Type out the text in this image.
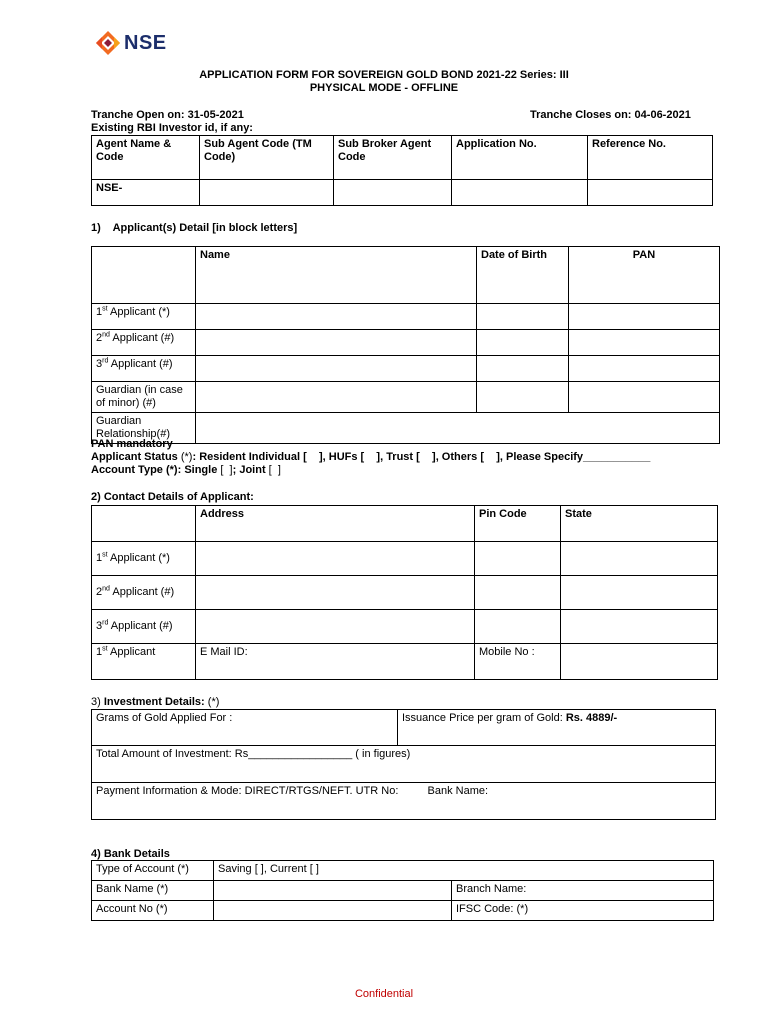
NSE
APPLICATION FORM FOR SOVEREIGN GOLD BOND 2021-22 Series: III
PHYSICAL MODE - OFFLINE
Tranche Open on: 31-05-2021	Tranche Closes on: 04-06-2021
Existing RBI Investor id, if any:
Agent Name & Code	Sub Agent Code (TM Code)	Sub Broker Agent Code	Application No.	Reference No.
NSE-				
1)    Applicant(s) Detail [in block letters]
	Name	Date of Birth	PAN
1st Applicant (*)			
2nd Applicant (#)			
3rd Applicant (#)			
Guardian (in case of minor) (#)			
Guardian Relationship(#)			
PAN mandatory
Applicant Status (*): Resident Individual [    ], HUFs [    ], Trust [    ], Others [    ], Please Specify___________
Account Type (*): Single [  ]; Joint [  ]
2) Contact Details of Applicant:
	Address	Pin Code	State
1st Applicant (*)			
2nd Applicant (#)			
3rd Applicant (#)			
1st Applicant	E Mail ID:	Mobile No :	
3) Investment Details: (*)
Grams of Gold Applied For :	Issuance Price per gram of Gold: Rs. 4889/-
Total Amount of Investment: Rs_________________ ( in figures)
Payment Information & Mode: DIRECT/RTGS/NEFT. UTR No:	Bank Name:
4) Bank Details
Type of Account (*)	Saving [ ], Current [ ]	
Bank Name (*)		Branch Name:
Account No (*)		IFSC Code: (*)
Confidential
